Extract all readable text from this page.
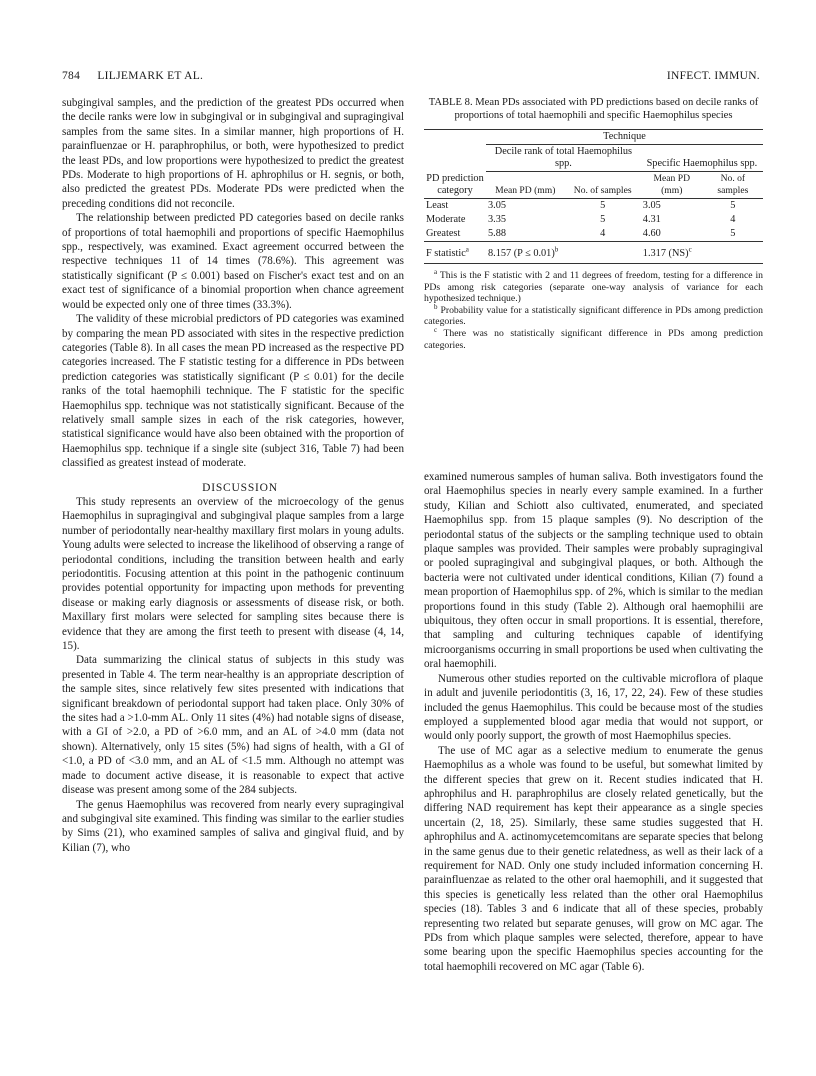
784 LILJEMARK ET AL.	INFECT. IMMUN.

subgingival samples, and the prediction of the greatest PDs occurred when the decile ranks were low in subgingival or in subgingival and supragingival samples from the same sites. In a similar manner, high proportions of H. parainfluenzae or H. paraphrophilus, or both, were hypothesized to predict the least PDs, and low proportions were hypothesized to predict the greatest PDs. Moderate to high proportions of H. aphrophilus or H. segnis, or both, also predicted the greatest PDs. Moderate PDs were predicted when the preceding conditions did not reconcile.

The relationship between predicted PD categories based on decile ranks of proportions of total haemophili and proportions of specific Haemophilus spp., respectively, was examined. Exact agreement occurred between the respective techniques 11 of 14 times (78.6%). This agreement was statistically significant (P ≤ 0.001) based on Fischer's exact test and on an exact test of significance of a binomial proportion when chance agreement would be expected only one of three times (33.3%).

The validity of these microbial predictors of PD categories was examined by comparing the mean PD associated with sites in the respective prediction categories (Table 8). In all cases the mean PD increased as the respective PD categories increased. The F statistic testing for a difference in PDs between prediction categories was statistically significant (P ≤ 0.01) for the decile ranks of the total haemophili technique. The F statistic for the specific Haemophilus spp. technique was not statistically significant. Because of the relatively small sample sizes in each of the risk categories, however, statistical significance would have also been obtained with the proportion of Haemophilus spp. technique if a single site (subject 316, Table 7) had been classified as greatest instead of moderate.

DISCUSSION

This study represents an overview of the microecology of the genus Haemophilus in supragingival and subgingival plaque samples from a large number of periodontally near-healthy maxillary first molars in young adults. Young adults were selected to increase the likelihood of observing a range of periodontal conditions, including the transition between health and early periodontitis. Focusing attention at this point in the pathogenic continuum provides potential opportunity for impacting upon methods for preventing disease or making early diagnosis or assessments of disease risk, or both. Maxillary first molars were selected for sampling sites because there is evidence that they are among the first teeth to present with disease (4, 14, 15).

Data summarizing the clinical status of subjects in this study was presented in Table 4. The term near-healthy is an appropriate description of the sample sites, since relatively few sites presented with indications that significant breakdown of periodontal support had taken place. Only 30% of the sites had a >1.0-mm AL. Only 11 sites (4%) had notable signs of disease, with a GI of >2.0, a PD of >6.0 mm, and an AL of >4.0 mm (data not shown). Alternatively, only 15 sites (5%) had signs of health, with a GI of <1.0, a PD of <3.0 mm, and an AL of <1.5 mm. Although no attempt was made to document active disease, it is reasonable to expect that active disease was present among some of the 284 subjects.

The genus Haemophilus was recovered from nearly every supragingival and subgingival site examined. This finding was similar to the earlier studies by Sims (21), who examined samples of saliva and gingival fluid, and by Kilian (7), who

TABLE 8. Mean PDs associated with PD predictions based on decile ranks of proportions of total haemophili and specific Haemophilus species
PD prediction category	Technique			
	Decile rank of total Haemophilus spp.		Specific Haemophilus spp.	
	Mean PD (mm)	No. of samples	Mean PD (mm)	No. of samples
Least	3.05	5	3.05	5
Moderate	3.35	5	4.31	4
Greatest	5.88	4	4.60	5
F statistic$^a$	8.157 (P ≤ 0.01)$^b$		1.317 (NS)$^c$
$^a$ This is the F statistic with 2 and 11 degrees of freedom, testing for a difference in PDs among risk categories (separate one-way analysis of variance for each hypothesized technique.)
$^b$ Probability value for a statistically significant difference in PDs among prediction categories.
$^c$ There was no statistically significant difference in PDs among prediction categories.

examined numerous samples of human saliva. Both investigators found the oral Haemophilus species in nearly every sample examined. In a further study, Kilian and Schiott also cultivated, enumerated, and speciated Haemophilus spp. from 15 plaque samples (9). No description of the periodontal status of the subjects or the sampling technique used to obtain plaque samples was provided. Their samples were probably supragingival or pooled supragingival and subgingival plaques, or both. Although the bacteria were not cultivated under identical conditions, Kilian (7) found a mean proportion of Haemophilus spp. of 2%, which is similar to the median proportions found in this study (Table 2). Although oral haemophilii are ubiquitous, they often occur in small proportions. It is essential, therefore, that sampling and culturing techniques capable of identifying microorganisms occurring in small proportions be used when cultivating the oral haemophili.

Numerous other studies reported on the cultivable microflora of plaque in adult and juvenile periodontitis (3, 16, 17, 22, 24). Few of these studies included the genus Haemophilus. This could be because most of the studies employed a supplemented blood agar media that would not support, or would only poorly support, the growth of most Haemophilus species.

The use of MC agar as a selective medium to enumerate the genus Haemophilus as a whole was found to be useful, but somewhat limited by the different species that grew on it. Recent studies indicated that H. aphrophilus and H. paraphrophilus are closely related genetically, but the differing NAD requirement has kept their appearance as a single species uncertain (2, 18, 25). Similarly, these same studies suggested that H. aphrophilus and A. actinomycetemcomitans are separate species that belong in the same genus due to their genetic relatedness, as well as their lack of a requirement for NAD. Only one study included information concerning H. parainfluenzae as related to the other oral haemophili, and it suggested that this species is genetically less related than the other oral Haemophilus species (18). Tables 3 and 6 indicate that all of these species, probably representing two related but separate genuses, will grow on MC agar. The PDs from which plaque samples were selected, therefore, appear to have some bearing upon the specific Haemophilus species accounting for the total haemophili recovered on MC agar (Table 6).
